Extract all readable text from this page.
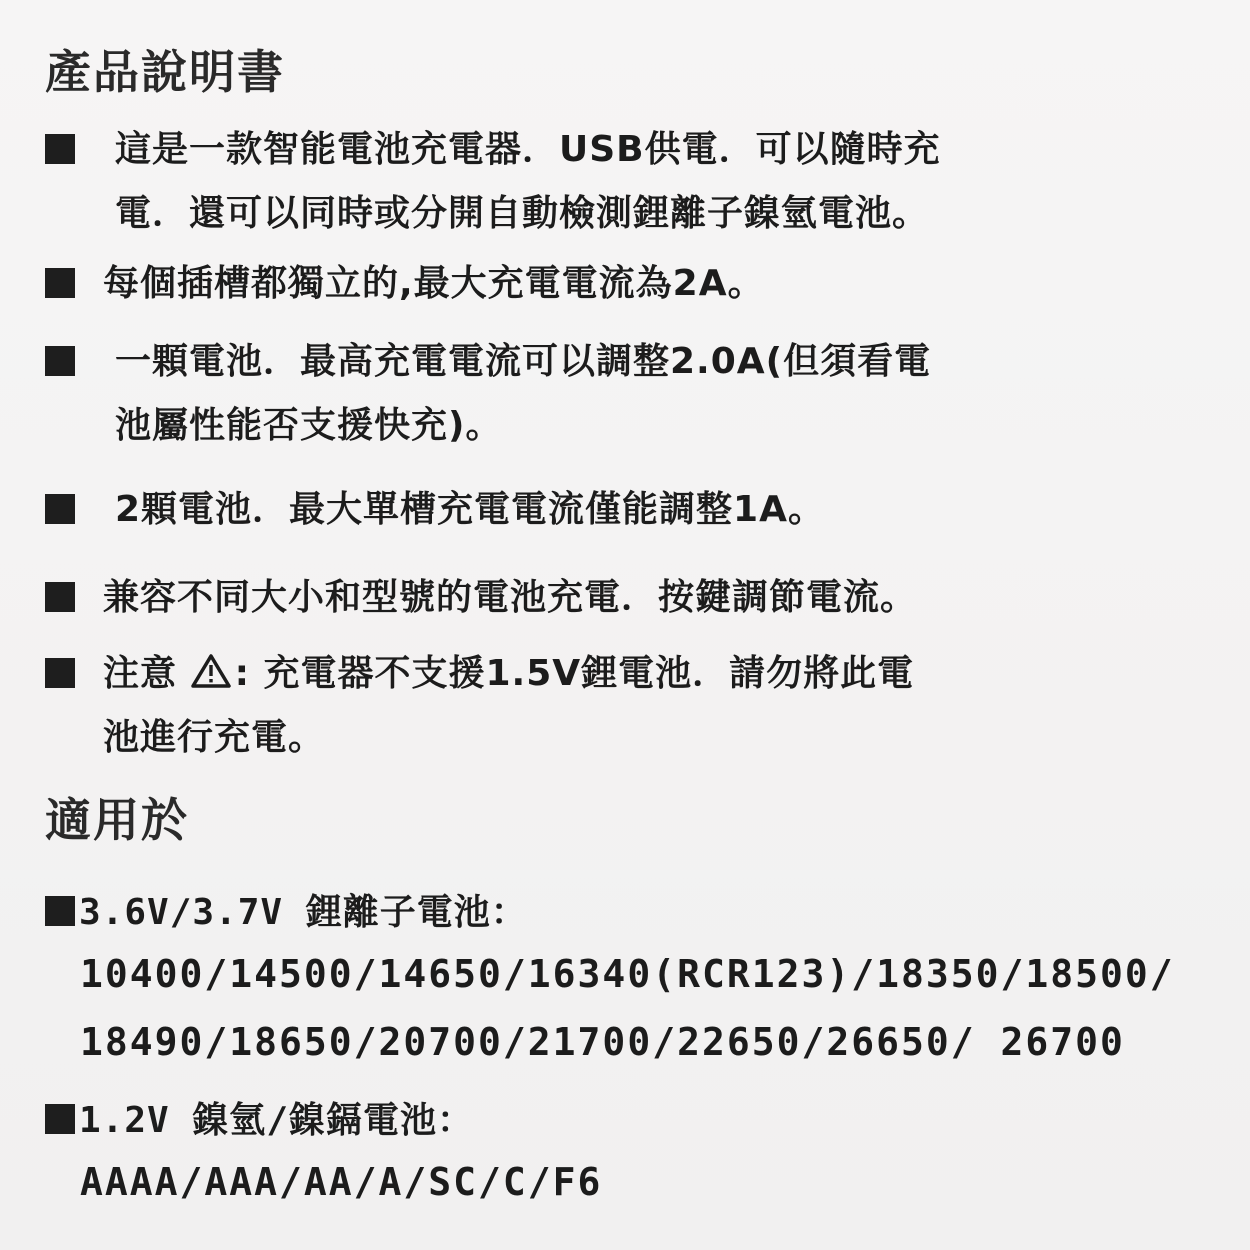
產品說明書
這是一款智能電池充電器．USB供電．可以隨時充
電．還可以同時或分開自動檢測鋰離子鎳氫電池。
每個插槽都獨立的,最大充電電流為2A。
一顆電池．最高充電電流可以調整2.0A(但須看電
池屬性能否支援快充)。
2顆電池．最大單槽充電電流僅能調整1A。
兼容不同大小和型號的電池充電．按鍵調節電流。
注意 : 充電器不支援1.5V鋰電池．請勿將此電
池進行充電。
適用於
3.6V/3.7V 鋰離子電池：
10400/14500/14650/16340(RCR123)/18350/18500/
18490/18650/20700/21700/22650/26650/ 26700
1.2V 鎳氫/鎳鎘電池：
AAAA/AAA/AA/A/SC/C/F6
